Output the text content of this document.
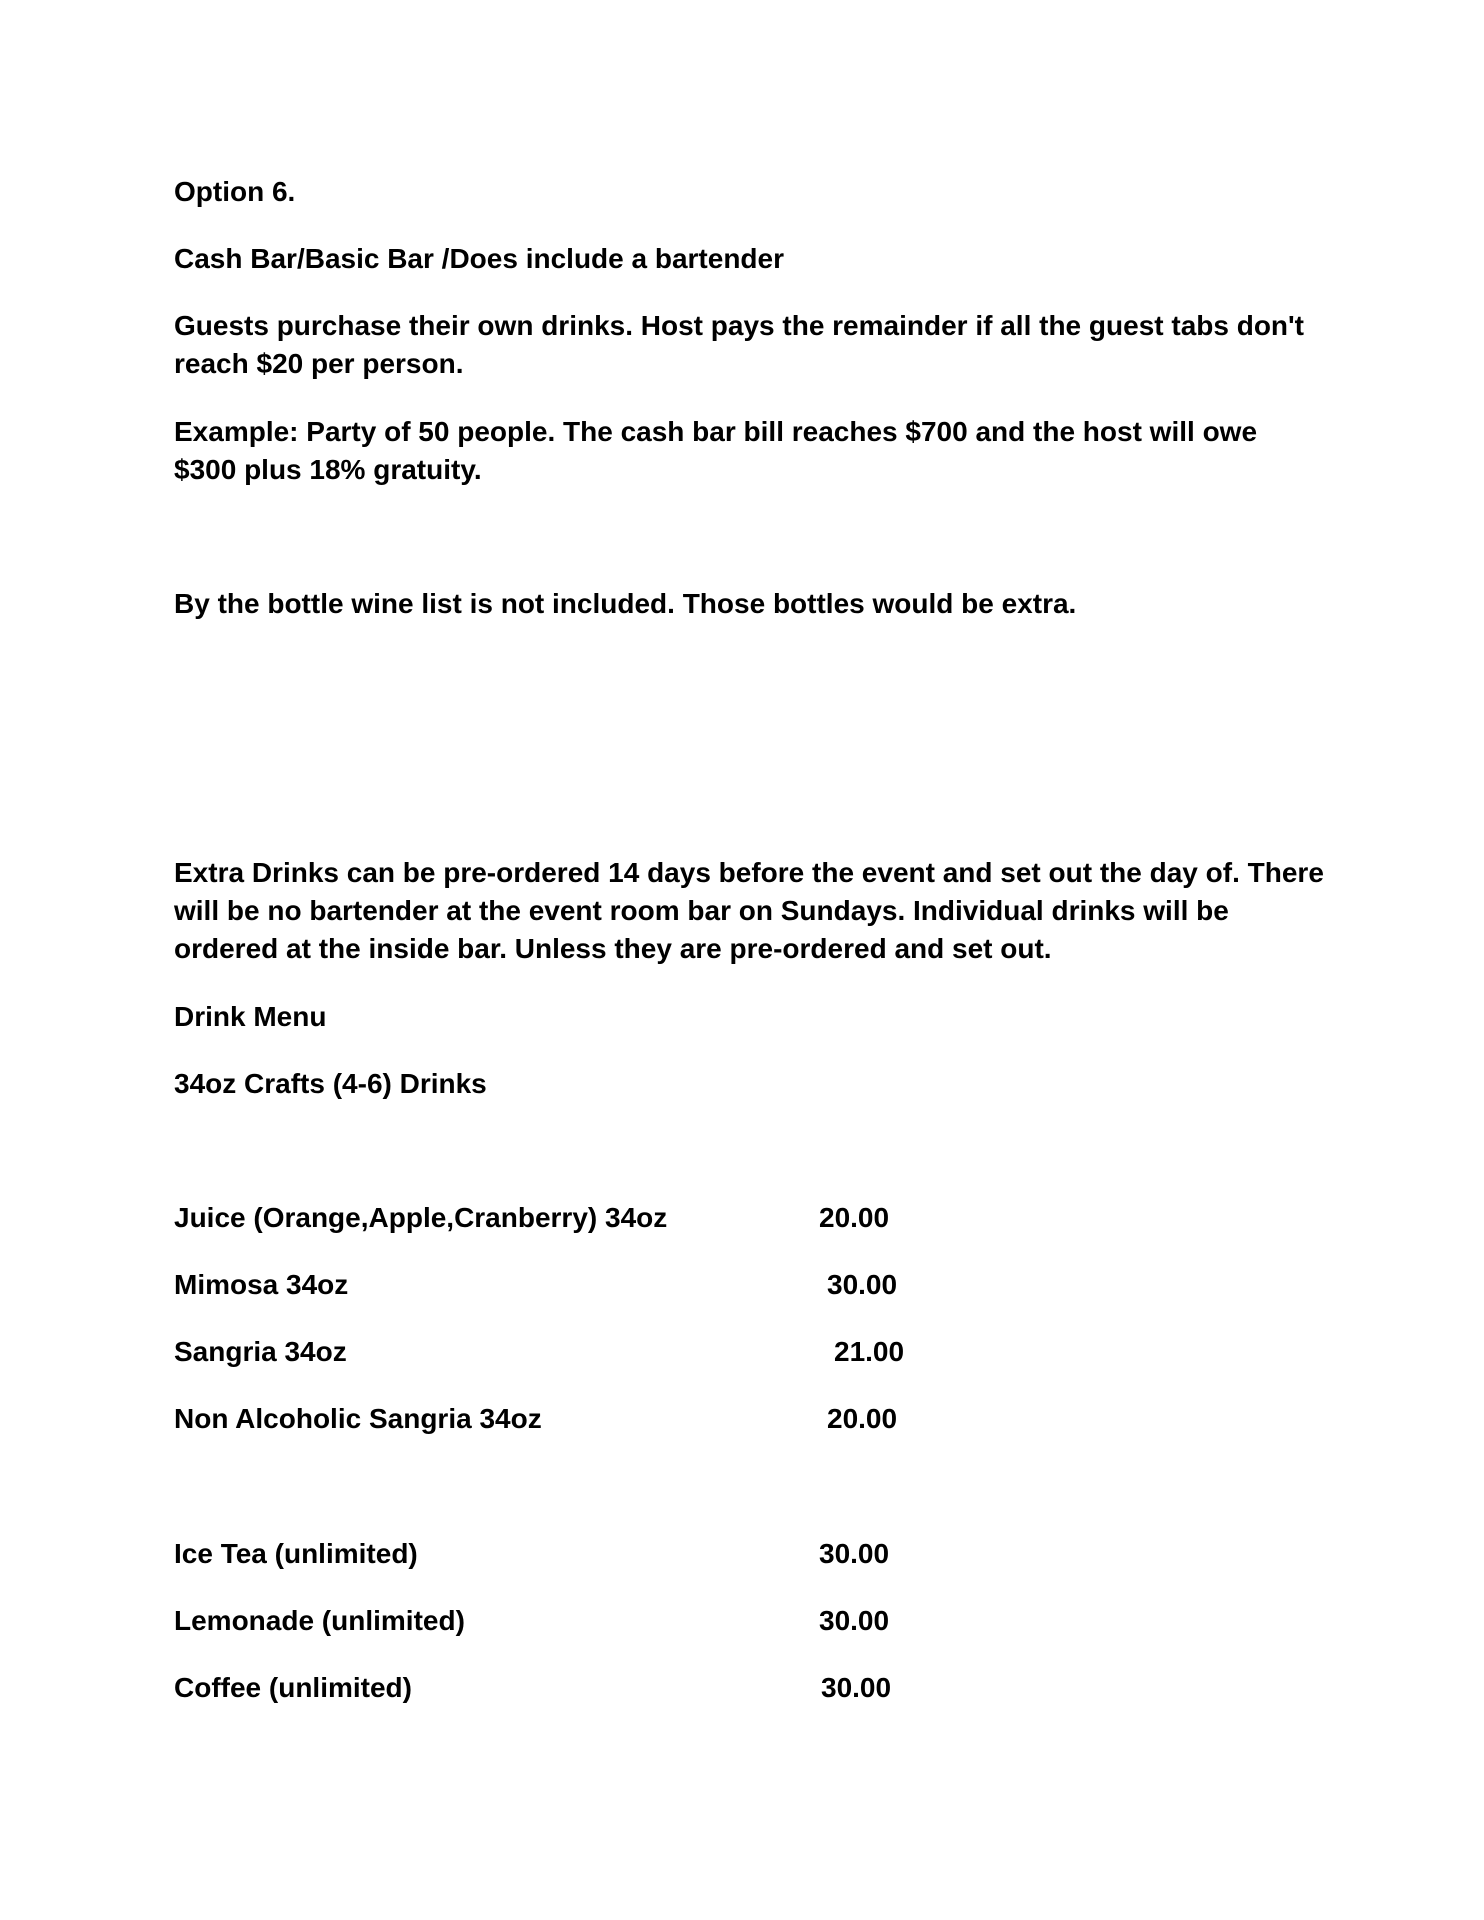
Option 6.

Cash Bar/Basic Bar /Does include a bartender

Guests purchase their own drinks. Host pays the remainder if all the guest tabs don't reach $20 per person.

Example: Party of 50 people. The cash bar bill reaches $700 and the host will owe $300 plus 18% gratuity.

By the bottle wine list is not included. Those bottles would be extra.

Extra Drinks can be pre-ordered 14 days before the event and set out the day of. There will be no bartender at the event room bar on Sundays. Individual drinks will be ordered at the inside bar. Unless they are pre-ordered and set out.

Drink Menu

34oz Crafts (4-6) Drinks

Juice (Orange,Apple,Cranberry) 34oz	20.00

Mimosa 34oz	30.00

Sangria 34oz	21.00

Non Alcoholic Sangria 34oz	20.00

Ice Tea (unlimited)	30.00

Lemonade (unlimited)	30.00

Coffee (unlimited)	30.00
